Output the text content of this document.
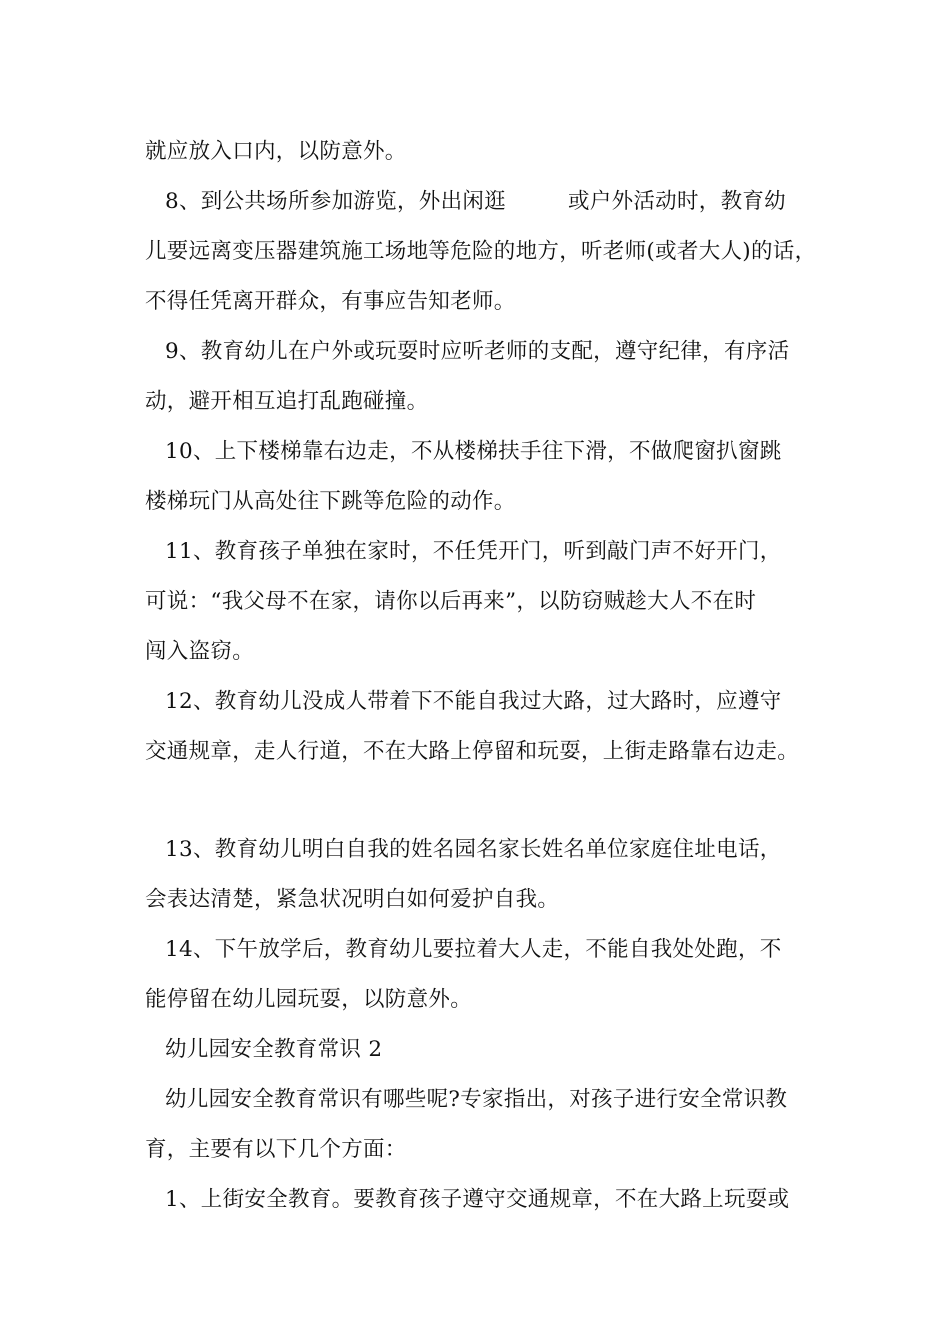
就应放入口内，以防意外。
8、到公共场所参加游览，外出闲逛	或户外活动时，教育幼
儿要远离变压器建筑施工场地等危险的地方，听老师(或者大人)的话，
不得任凭离开群众，有事应告知老师。
9、教育幼儿在户外或玩耍时应听老师的支配，遵守纪律，有序活
动，避开相互追打乱跑碰撞。
10、上下楼梯靠右边走，不从楼梯扶手往下滑，不做爬窗扒窗跳
楼梯玩门从高处往下跳等危险的动作。
11、教育孩子单独在家时，不任凭开门，听到敲门声不好开门，
可说：“我父母不在家，请你以后再来”，以防窃贼趁大人不在时
闯入盗窃。
12、教育幼儿没成人带着下不能自我过大路，过大路时，应遵守
交通规章，走人行道，不在大路上停留和玩耍，上街走路靠右边走。
13、教育幼儿明白自我的姓名园名家长姓名单位家庭住址电话，
会表达清楚，紧急状况明白如何爱护自我。
14、下午放学后，教育幼儿要拉着大人走，不能自我处处跑，不
能停留在幼儿园玩耍，以防意外。
幼儿园安全教育常识 2
幼儿园安全教育常识有哪些呢?专家指出，对孩子进行安全常识教
育，主要有以下几个方面：
1、上街安全教育。要教育孩子遵守交通规章，不在大路上玩耍或
